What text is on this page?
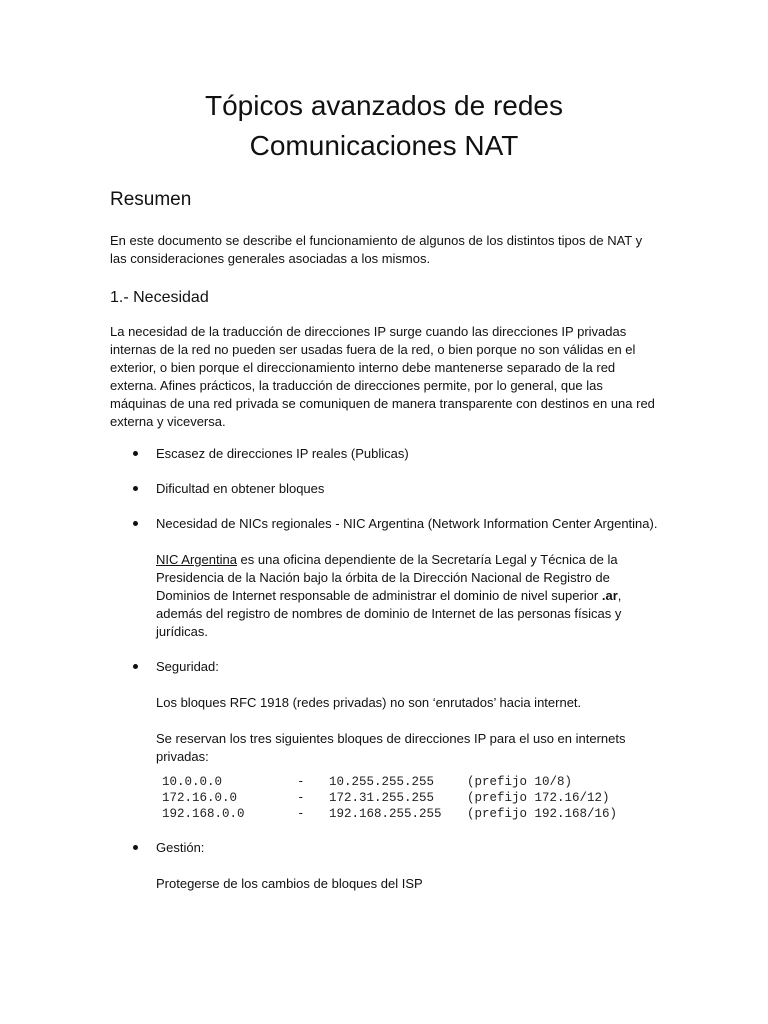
Tópicos avanzados de redes
Comunicaciones NAT
Resumen

En este documento se describe el funcionamiento de algunos de los distintos tipos de NAT y las consideraciones generales asociadas a los mismos.

1.- Necesidad

La necesidad de la traducción de direcciones IP surge cuando las direcciones IP privadas internas de la red no pueden ser usadas fuera de la red, o bien porque no son válidas en el exterior, o bien porque el direccionamiento interno debe mantenerse separado de la red externa. Afines prácticos, la traducción de direcciones permite, por lo general, que las máquinas de una red privada se comuniquen de manera transparente con destinos en una red externa y viceversa.

Escasez de direcciones IP reales (Publicas)
Dificultad en obtener bloques
Necesidad de NICs regionales - NIC Argentina (Network Information Center Argentina).
NIC Argentina es una oficina dependiente de la Secretaría Legal y Técnica de la Presidencia de la Nación bajo la órbita de la Dirección Nacional de Registro de Dominios de Internet responsable de administrar el dominio de nivel superior .ar, además del registro de nombres de dominio de Internet de las personas físicas y jurídicas.
Seguridad:
Los bloques RFC 1918 (redes privadas) no son ‘enrutados’ hacia internet.
Se reservan los tres siguientes bloques de direcciones IP para el uso en internets privadas:
10.0.0.0	-	10.255.255.255	(prefijo 10/8)
172.16.0.0	-	172.31.255.255	(prefijo 172.16/12)
192.168.0.0	-	192.168.255.255	(prefijo 192.168/16)
Gestión:
Protegerse de los cambios de bloques del ISP
